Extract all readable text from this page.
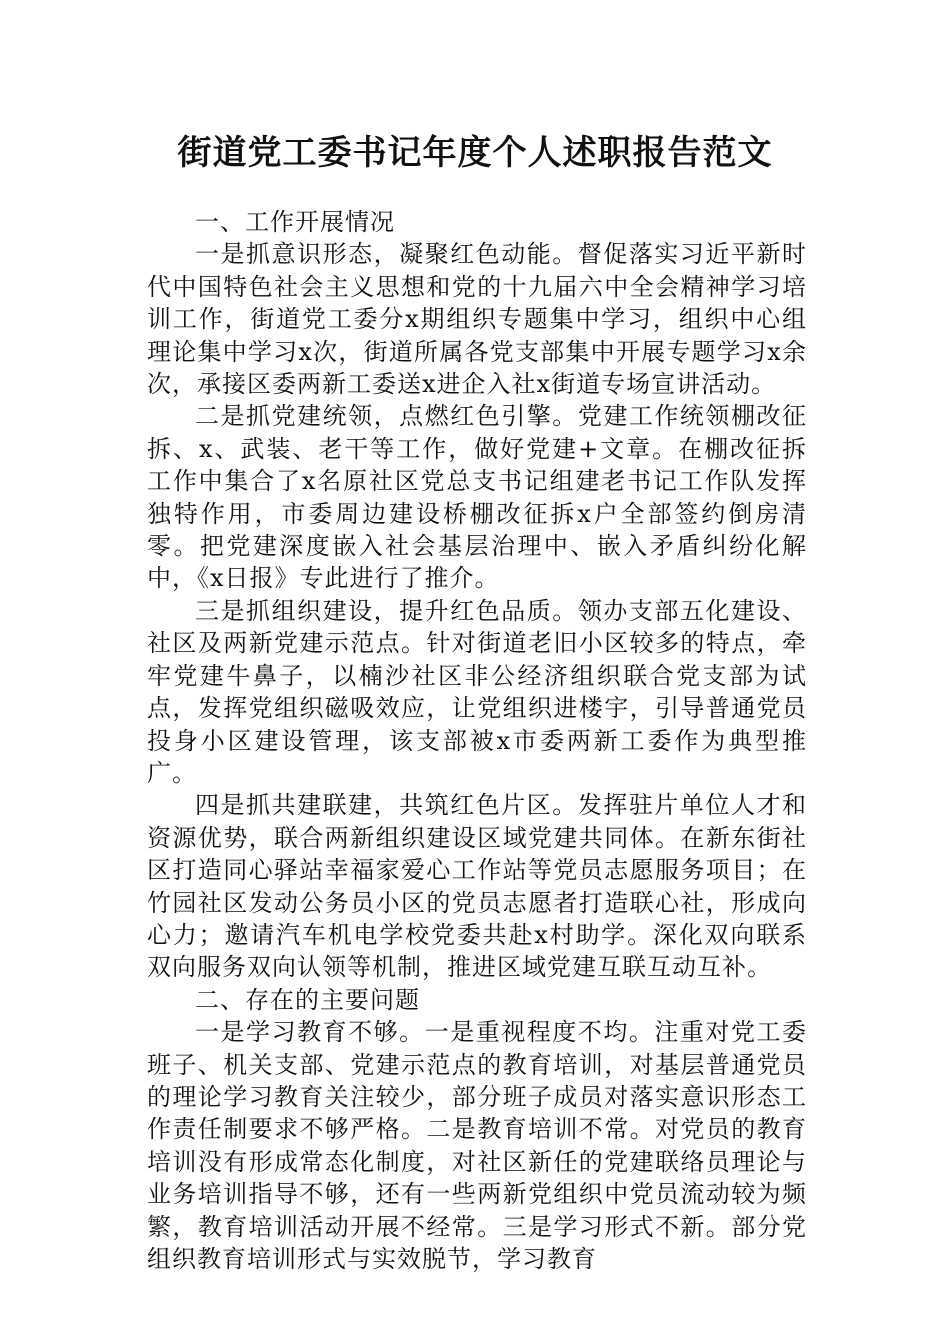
街道党工委书记年度个人述职报告范文

一、工作开展情况

一是抓意识形态，凝聚红色动能。督促落实习近平新时代中国特色社会主义思想和党的十九届六中全会精神学习培训工作，街道党工委分x期组织专题集中学习，组织中心组理论集中学习x次，街道所属各党支部集中开展专题学习x余次，承接区委两新工委送x进企入社x街道专场宣讲活动。

二是抓党建统领，点燃红色引擎。党建工作统领棚改征拆、x、武装、老干等工作，做好党建+文章。在棚改征拆工作中集合了x名原社区党总支书记组建老书记工作队发挥独特作用，市委周边建设桥棚改征拆x户全部签约倒房清零。把党建深度嵌入社会基层治理中、嵌入矛盾纠纷化解中，《x日报》专此进行了推介。

三是抓组织建设，提升红色品质。领办支部五化建设、社区及两新党建示范点。针对街道老旧小区较多的特点，牵牢党建牛鼻子，以楠沙社区非公经济组织联合党支部为试点，发挥党组织磁吸效应，让党组织进楼宇，引导普通党员投身小区建设管理，该支部被x市委两新工委作为典型推广。

四是抓共建联建，共筑红色片区。发挥驻片单位人才和资源优势，联合两新组织建设区域党建共同体。在新东街社区打造同心驿站幸福家爱心工作站等党员志愿服务项目；在竹园社区发动公务员小区的党员志愿者打造联心社，形成向心力；邀请汽车机电学校党委共赴x村助学。深化双向联系双向服务双向认领等机制，推进区域党建互联互动互补。

二、存在的主要问题

一是学习教育不够。一是重视程度不均。注重对党工委班子、机关支部、党建示范点的教育培训，对基层普通党员的理论学习教育关注较少，部分班子成员对落实意识形态工作责任制要求不够严格。二是教育培训不常。对党员的教育培训没有形成常态化制度，对社区新任的党建联络员理论与业务培训指导不够，还有一些两新党组织中党员流动较为频繁，教育培训活动开展不经常。三是学习形式不新。部分党组织教育培训形式与实效脱节，学习教育
